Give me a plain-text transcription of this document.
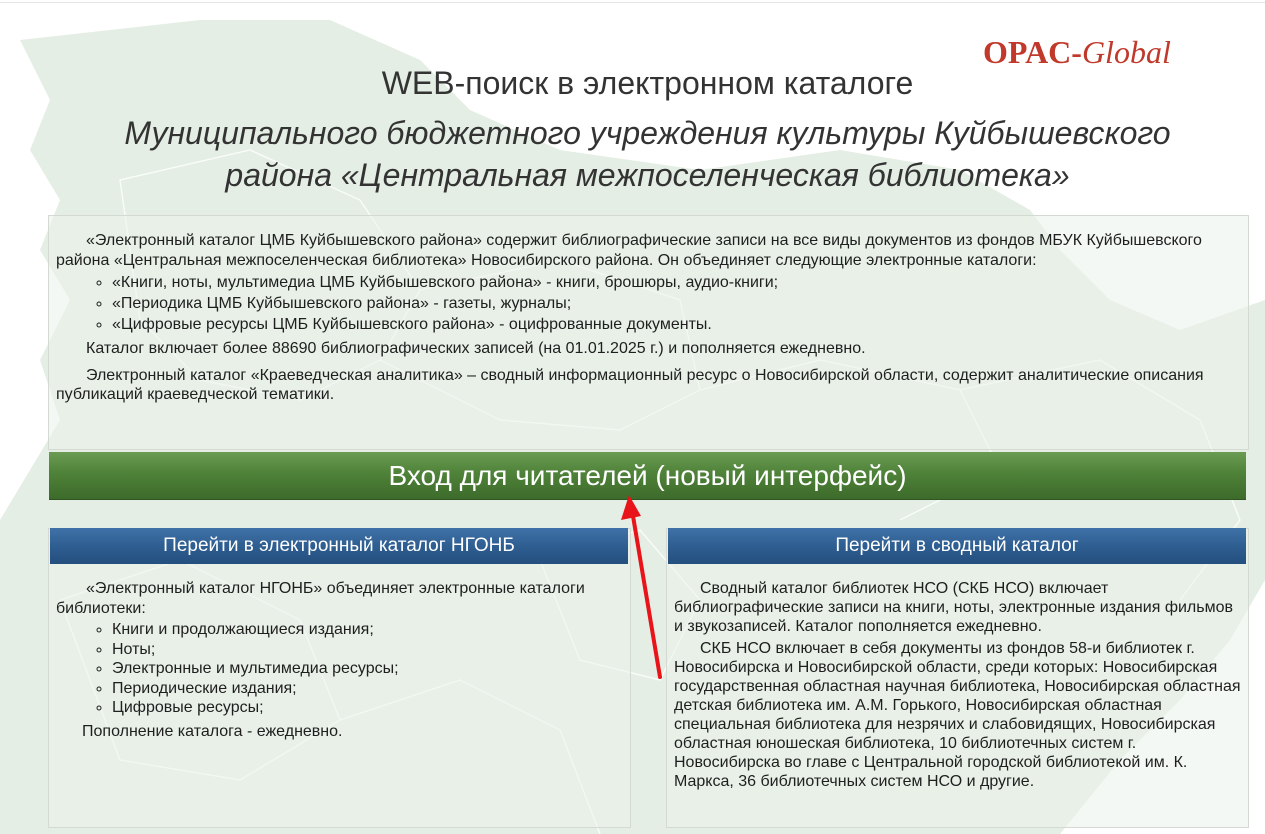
OPAC-Global
WEB-поиск в электронном каталоге
Муниципального бюджетного учреждения культуры Куйбышевского
района «Центральная межпоселенческая библиотека»

«Электронный каталог ЦМБ Куйбышевского района» содержит библиографические записи на все виды документов из фондов МБУК Куйбышевского района «Центральная межпоселенческая библиотека» Новосибирского района. Он объединяет следующие электронные каталоги:

◦ «Книги, ноты, мультимедиа ЦМБ Куйбышевского района» - книги, брошюры, аудио-книги;
◦ «Периодика ЦМБ Куйбышевского района» - газеты, журналы;
◦ «Цифровые ресурсы ЦМБ Куйбышевского района» - оцифрованные документы.

Каталог включает более 88690 библиографических записей (на 01.01.2025 г.) и пополняется ежедневно.

Электронный каталог «Краеведческая аналитика» – сводный информационный ресурс о Новосибирской области, содержит аналитические описания публикаций краеведческой тематики.

Вход для читателей (новый интерфейс)

«Электронный каталог НГОНБ» объединяет электронные каталоги библиотеки:

◦ Книги и продолжающиеся издания;
◦ Ноты;
◦ Электронные и мультимедиа ресурсы;
◦ Периодические издания;
◦ Цифровые ресурсы;

Пополнение каталога - ежедневно.

Перейти в электронный каталог НГОНБ

Сводный каталог библиотек НСО (СКБ НСО) включает библиографические записи на книги, ноты, электронные издания фильмов и звукозаписей. Каталог пополняется ежедневно.

СКБ НСО включает в себя документы из фондов 58-и библиотек г. Новосибирска и Новосибирской области, среди которых: Новосибирская государственная областная научная библиотека, Новосибирская областная детская библиотека им. А.М. Горького, Новосибирская областная специальная библиотека для незрячих и слабовидящих, Новосибирская областная юношеская библиотека, 10 библиотечных систем г. Новосибирска во главе с Центральной городской библиотекой им. К. Маркса, 36 библиотечных систем НСО и другие.

Перейти в сводный каталог
